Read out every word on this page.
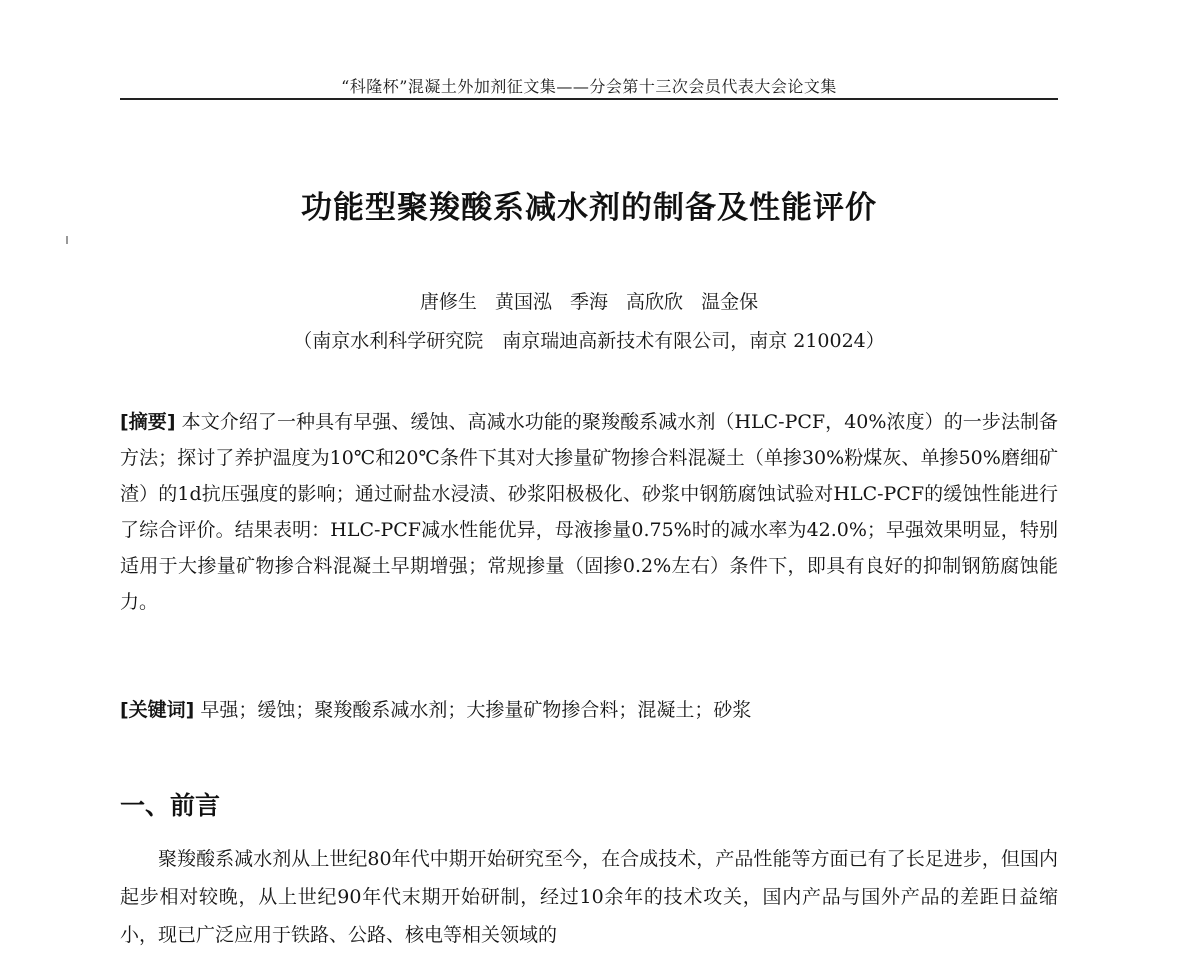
“科隆杯”混凝土外加剂征文集——分会第十三次会员代表大会论文集
功能型聚羧酸系减水剂的制备及性能评价
唐修生 黄国泓 季海 高欣欣 温金保
（南京水利科学研究院　南京瑞迪高新技术有限公司，南京 210024）

[摘要] 本文介绍了一种具有早强、缓蚀、高减水功能的聚羧酸系减水剂（HLC-PCF，40%浓度）的一步法制备方法；探讨了养护温度为10℃和20℃条件下其对大掺量矿物掺合料混凝土（单掺30%粉煤灰、单掺50%磨细矿渣）的1d抗压强度的影响；通过耐盐水浸渍、砂浆阳极极化、砂浆中钢筋腐蚀试验对HLC-PCF的缓蚀性能进行了综合评价。结果表明：HLC-PCF减水性能优异，母液掺量0.75%时的减水率为42.0%；早强效果明显，特别适用于大掺量矿物掺合料混凝土早期增强；常规掺量（固掺0.2%左右）条件下，即具有良好的抑制钢筋腐蚀能力。

[关键词] 早强；缓蚀；聚羧酸系减水剂；大掺量矿物掺合料；混凝土；砂浆

一、前言

聚羧酸系减水剂从上世纪80年代中期开始研究至今，在合成技术，产品性能等方面已有了长足进步，但国内起步相对较晚，从上世纪90年代末期开始研制，经过10余年的技术攻关，国内产品与国外产品的差距日益缩小，现已广泛应用于铁路、公路、核电等相关领域的
